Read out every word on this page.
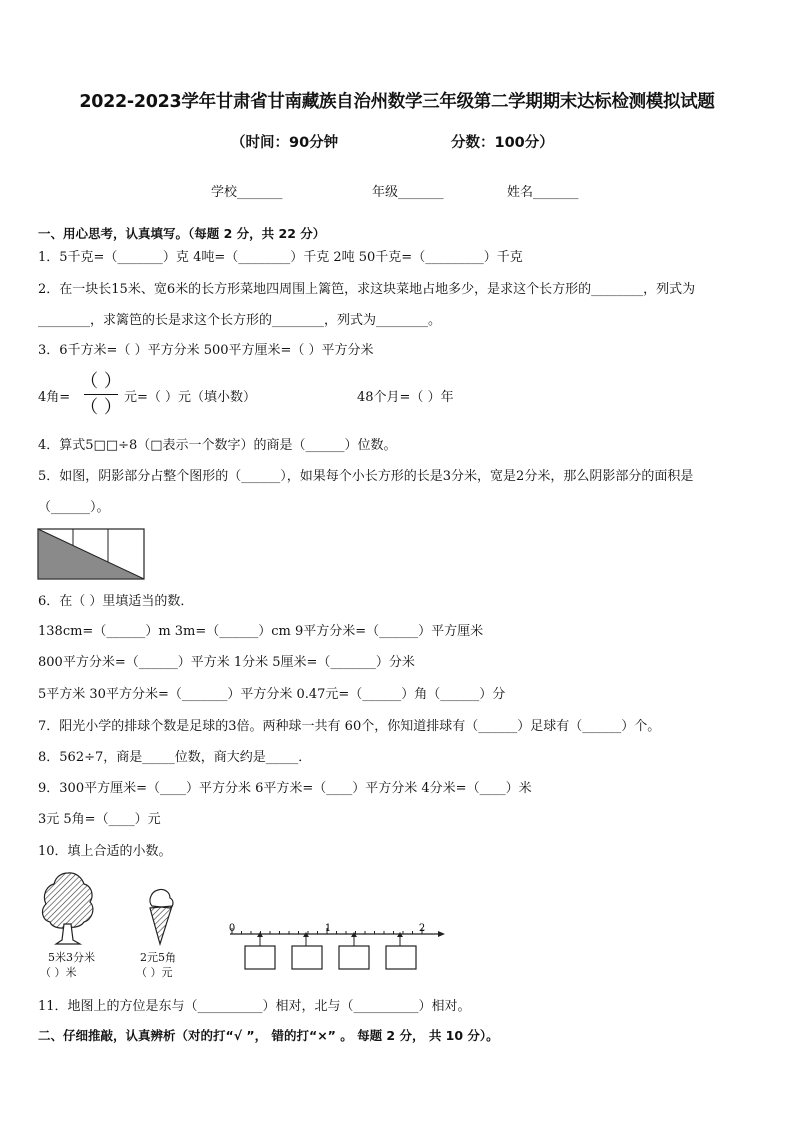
2022-2023学年甘肃省甘南藏族自治州数学三年级第二学期期末达标检测模拟试题
（时间：90分钟	分数：100分）
学校_______	年级_______	姓名_______
一、用心思考，认真填写。（每题 2 分，共 22 分）
1．5千克=（_______）克 4吨=（________）千克 2吨 50千克=（_________）千克
2．在一块长15米、宽6米的长方形菜地四周围上篱笆，求这块菜地占地多少，是求这个长方形的________，列式为
________，求篱笆的长是求这个长方形的________，列式为________。
3．6千方米=（ ）平方分米 500平方厘米=（ ）平方分米
4角=
（ ）
（ ） 元=（ ）元（填小数）	48个月=（ ）年
4．算式5□□÷8（□表示一个数字）的商是（______）位数。
5．如图，阴影部分占整个图形的（______），如果每个小长方形的长是3分米，宽是2分米，那么阴影部分的面积是
（______）。
6．在（ ）里填适当的数．
138cm=（______）m 3m=（______）cm 9平方分米=（______）平方厘米
800平方分米=（______）平方米 1分米 5厘米=（_______）分米
5平方米 30平方分米=（_______）平方分米 0.47元=（______）角（______）分
7．阳光小学的排球个数是足球的3倍。两种球一共有 60个，你知道排球有（______）足球有（______）个。
8．562÷7，商是_____位数，商大约是_____．
9．300平方厘米=（____）平方分米 6平方米=（____）平方分米 4分米=（____）米
3元 5角=（____）元
10．填上合适的小数。
5米3分米
（ ）米
2元5角
（ ）元
0	1	2
11．地图上的方位是东与（__________）相对，北与（__________）相对。
二、仔细推敲，认真辨析（对的打“√ ”， 错的打“×” 。 每题 2 分， 共 10 分）。
